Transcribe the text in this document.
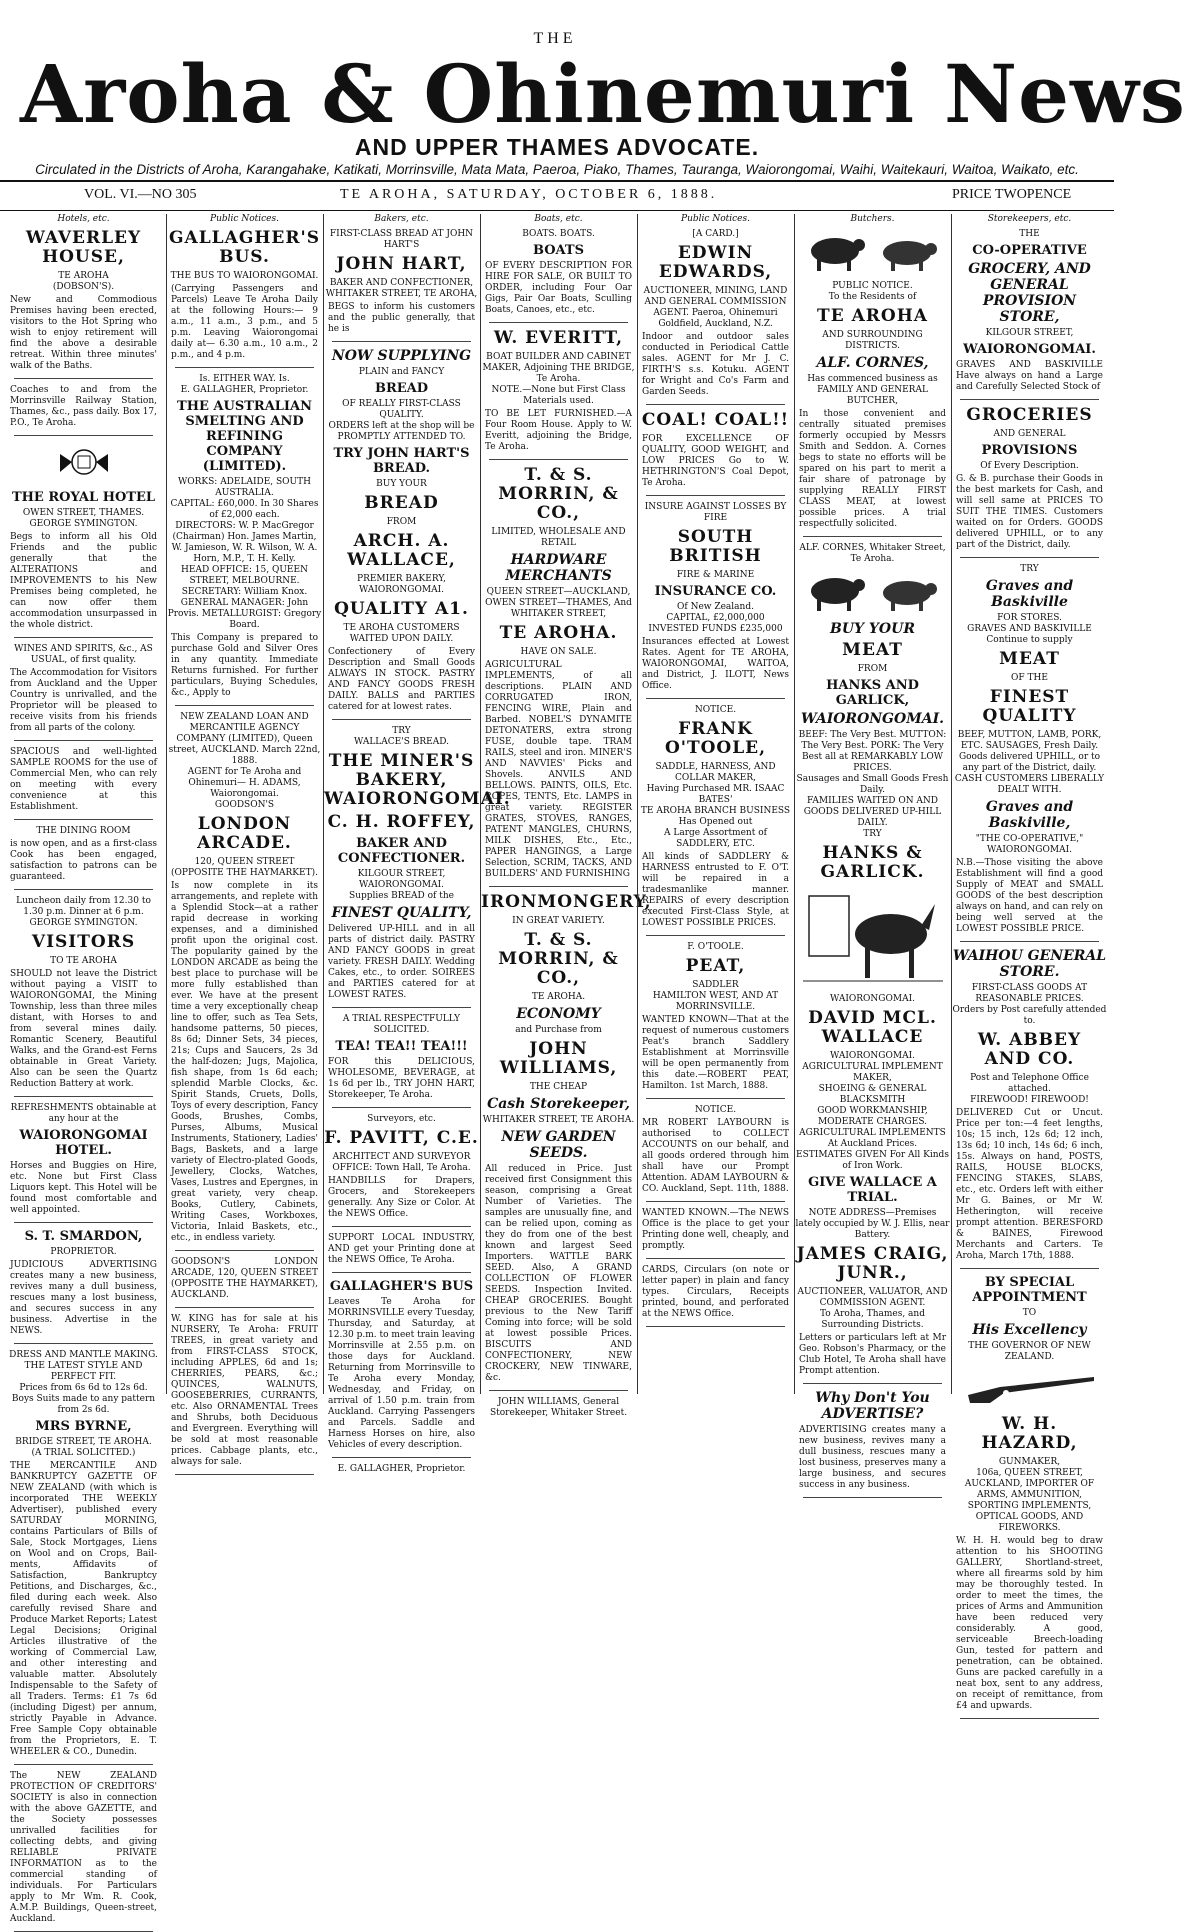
THE
Aroha & Ohinemuri News
AND UPPER THAMES ADVOCATE.
Circulated in the Districts of Aroha, Karangahake, Katikati, Morrinsville, Mata Mata, Paeroa, Piako, Thames, Tauranga, Waiorongomai, Waihi, Waitekauri, Waitoa, Waikato, etc.
VOL. VI.—NO 305	TE AROHA, SATURDAY, OCTOBER 6, 1888.	PRICE TWOPENCE
Hotels, etc.
WAVERLEY HOUSE,
TE AROHA
(DOBSON'S).
New and Commodious Premises having been erected, visitors to the Hot Spring who wish to enjoy retirement will find the above a desirable retreat. Within three minutes' walk of the Baths.
Coaches to and from the Morrinsville Railway Station, Thames, &c., pass daily. Box 17, P.O., Te Aroha.
THE ROYAL HOTEL
OWEN STREET, THAMES.
GEORGE SYMINGTON.
Begs to inform all his Old Friends and the public generally that the ALTERATIONS and IMPROVEMENTS to his New Premises being completed, he can now offer them accommodation unsurpassed in the whole district.
WINES AND SPIRITS, &c., AS USUAL, of first quality.
The Accommodation for Visitors from Auckland and the Upper Country is unrivalled, and the Proprietor will be pleased to receive visits from his friends from all parts of the colony.
SPACIOUS and well-lighted SAMPLE ROOMS for the use of Commercial Men, who can rely on meeting with every convenience at this Establishment.
THE DINING ROOM
is now open, and as a first-class Cook has been engaged, satisfaction to patrons can be guaranteed.
Luncheon daily from 12.30 to 1.30 p.m. Dinner at 6 p.m.
GEORGE SYMINGTON.
VISITORS
TO TE AROHA
SHOULD not leave the District without paying a VISIT to WAIORONGOMAI, the Mining Township, less than three miles distant, with Horses to and from several mines daily. Romantic Scenery, Beautiful Walks, and the Grand-est Ferns obtainable in Great Variety. Also can be seen the Quartz Reduction Battery at work.
REFRESHMENTS obtainable at any hour at the
WAIORONGOMAI HOTEL.
Horses and Buggies on Hire, etc. None but First Class Liquors kept. This Hotel will be found most comfortable and well appointed.
S. T. SMARDON,
PROPRIETOR.
JUDICIOUS ADVERTISING creates many a new business, revives many a dull business, rescues many a lost business, and secures success in any business. Advertise in the NEWS.
DRESS AND MANTLE MAKING.
THE LATEST STYLE AND PERFECT FIT.
Prices from 6s 6d to 12s 6d.
Boys Suits made to any pattern from 2s 6d.
MRS BYRNE,
BRIDGE STREET, TE AROHA.
(A TRIAL SOLICITED.)
THE MERCANTILE AND BANKRUPTCY GAZETTE OF NEW ZEALAND (with which is incorporated THE WEEKLY Advertiser), published every SATURDAY MORNING, contains Particulars of Bills of Sale, Stock Mortgages, Liens on Wool and on Crops, Bail-ments, Affidavits of Satisfaction, Bankruptcy Petitions, and Discharges, &c., filed during each week. Also carefully revised Share and Produce Market Reports; Latest Legal Decisions; Original Articles illustrative of the working of Commercial Law, and other interesting and valuable matter. Absolutely Indispensable to the Safety of all Traders. Terms: £1 7s 6d (including Digest) per annum, strictly Payable in Advance. Free Sample Copy obtainable from the Proprietors, E. T. WHEELER & CO., Dunedin.
The NEW ZEALAND PROTECTION OF CREDITORS' SOCIETY is also in connection with the above GAZETTE, and the Society possesses unrivalled facilities for collecting debts, and giving RELIABLE PRIVATE INFORMATION as to the commercial standing of individuals. For Particulars apply to Mr Wm. R. Cook, A.M.P. Buildings, Queen-street, Auckland.
Public Notices.
GALLAGHER'S BUS.
THE BUS TO WAIORONGOMAI.
(Carrying Passengers and Parcels) Leave Te Aroha Daily at the following Hours:— 9 a.m., 11 a.m., 3 p.m., and 5 p.m. Leaving Waiorongomai daily at— 6.30 a.m., 10 a.m., 2 p.m., and 4 p.m.
Is. EITHER WAY. Is.
E. GALLAGHER, Proprietor.
THE AUSTRALIAN SMELTING AND REFINING COMPANY (LIMITED).
WORKS: ADELAIDE, SOUTH AUSTRALIA.
CAPITAL: £60,000. In 30 Shares of £2,000 each.
DIRECTORS: W. P. MacGregor (Chairman) Hon. James Martin, W. Jamieson, W. R. Wilson, W. A. Horn, M.P., T. H. Kelly.
HEAD OFFICE: 15, QUEEN STREET, MELBOURNE.
SECRETARY: William Knox.
GENERAL MANAGER: John Provis. METALLURGIST: Gregory Board.
This Company is prepared to purchase Gold and Silver Ores in any quantity. Immediate Returns furnished. For further particulars, Buying Schedules, &c., Apply to
NEW ZEALAND LOAN AND MERCANTILE AGENCY COMPANY (LIMITED), Queen street, AUCKLAND. March 22nd, 1888.
AGENT for Te Aroha and Ohinemuri— H. ADAMS, Waiorongomai.
GOODSON'S
LONDON ARCADE.
120, QUEEN STREET (OPPOSITE THE HAYMARKET).
Is now complete in its arrangements, and replete with a Splendid Stock—at a rather rapid decrease in working expenses, and a diminished profit upon the original cost. The popularity gained by the LONDON ARCADE as being the best place to purchase will be more fully established than ever. We have at the present time a very exceptionally cheap line to offer, such as Tea Sets, handsome patterns, 50 pieces, 8s 6d; Dinner Sets, 34 pieces, 21s; Cups and Saucers, 2s 3d the half-dozen; Jugs, Majolica, fish shape, from 1s 6d each; splendid Marble Clocks, &c. Spirit Stands, Cruets, Dolls, Toys of every description, Fancy Goods, Brushes, Combs, Purses, Albums, Musical Instruments, Stationery, Ladies' Bags, Baskets, and a large variety of Electro-plated Goods, Jewellery, Clocks, Watches, Vases, Lustres and Epergnes, in great variety, very cheap. Books, Cutlery, Cabinets, Writing Cases, Workboxes, Victoria, Inlaid Baskets, etc., etc., in endless variety.
GOODSON'S LONDON ARCADE, 120, QUEEN STREET (OPPOSITE THE HAYMARKET), AUCKLAND.
W. KING has for sale at his NURSERY, Te Aroha: FRUIT TREES, in great variety and from FIRST-CLASS STOCK, including APPLES, 6d and 1s; CHERRIES, PEARS, &c.; QUINCES, WALNUTS, GOOSEBERRIES, CURRANTS, etc. Also ORNAMENTAL Trees and Shrubs, both Deciduous and Evergreen. Everything will be sold at most reasonable prices. Cabbage plants, etc., always for sale.
Bakers, etc.
FIRST-CLASS BREAD AT JOHN HART'S
JOHN HART,
BAKER AND CONFECTIONER, WHITAKER STREET, TE AROHA,
BEGS to inform his customers and the public generally, that he is
NOW SUPPLYING
PLAIN and FANCY
BREAD
OF REALLY FIRST-CLASS QUALITY.
ORDERS left at the shop will be PROMPTLY ATTENDED TO.
TRY JOHN HART'S BREAD.
BUY YOUR
BREAD
FROM
ARCH. A. WALLACE,
PREMIER BAKERY, WAIORONGOMAI.
QUALITY A1.
TE AROHA CUSTOMERS WAITED UPON DAILY.
Confectionery of Every Description and Small Goods ALWAYS IN STOCK. PASTRY AND FANCY GOODS FRESH DAILY. BALLS and PARTIES catered for at lowest rates.
TRY
WALLACE'S BREAD.
THE MINER'S BAKERY, WAIORONGOMAI.
C. H. ROFFEY,
BAKER AND CONFECTIONER.
KILGOUR STREET, WAIORONGOMAI.
Supplies BREAD of the
FINEST QUALITY,
Delivered UP-HILL and in all parts of district daily. PASTRY AND FANCY GOODS in great variety. FRESH DAILY. Wedding Cakes, etc., to order. SOIREES and PARTIES catered for at LOWEST RATES.
A TRIAL RESPECTFULLY SOLICITED.
TEA! TEA!! TEA!!!
FOR this DELICIOUS, WHOLESOME, BEVERAGE, at 1s 6d per lb., TRY JOHN HART, Storekeeper, Te Aroha.
Surveyors, etc.
F. PAVITT, C.E.
ARCHITECT AND SURVEYOR
OFFICE: Town Hall, Te Aroha.
HANDBILLS for Drapers, Grocers, and Storekeepers generally. Any Size or Color. At the NEWS Office.
SUPPORT LOCAL INDUSTRY, AND get your Printing done at the NEWS Office, Te Aroha.
GALLAGHER'S BUS
Leaves Te Aroha for MORRINSVILLE every Tuesday, Thursday, and Saturday, at 12.30 p.m. to meet train leaving Morrinsville at 2.55 p.m. on those days for Auckland. Returning from Morrinsville to Te Aroha every Monday, Wednesday, and Friday, on arrival of 1.50 p.m. train from Auckland. Carrying Passengers and Parcels. Saddle and Harness Horses on hire, also Vehicles of every description.
E. GALLAGHER, Proprietor.
Boats, etc.
BOATS. BOATS.
BOATS
OF EVERY DESCRIPTION FOR HIRE FOR SALE, OR BUILT TO ORDER, including Four Oar Gigs, Pair Oar Boats, Sculling Boats, Canoes, etc., etc.
W. EVERITT,
BOAT BUILDER AND CABINET MAKER, Adjoining THE BRIDGE, Te Aroha.
NOTE.—None but First Class Materials used.
TO BE LET FURNISHED.—A Four Room House. Apply to W. Everitt, adjoining the Bridge, Te Aroha.
T. & S. MORRIN, & CO.,
LIMITED, WHOLESALE AND RETAIL
HARDWARE MERCHANTS
QUEEN STREET—AUCKLAND, OWEN STREET—THAMES, And WHITAKER STREET,
TE AROHA.
HAVE ON SALE.
AGRICULTURAL IMPLEMENTS, of all descriptions. PLAIN AND CORRUGATED IRON, FENCING WIRE, Plain and Barbed. NOBEL'S DYNAMITE DETONATERS, extra strong FUSE, double tape. TRAM RAILS, steel and iron. MINER'S AND NAVVIES' Picks and Shovels. ANVILS AND BELLOWS. PAINTS, OILS, Etc. ROPES, TENTS, Etc. LAMPS in great variety. REGISTER GRATES, STOVES, RANGES, PATENT MANGLES, CHURNS, MILK DISHES, Etc., Etc., PAPER HANGINGS, a Large Selection, SCRIM, TACKS, AND BUILDERS' AND FURNISHING
IRONMONGERY,
IN GREAT VARIETY.
T. & S. MORRIN, & CO.,
TE AROHA.
ECONOMY
and Purchase from
JOHN WILLIAMS,
THE CHEAP
Cash Storekeeper,
WHITAKER STREET, TE AROHA.
NEW GARDEN SEEDS.
All reduced in Price. Just received first Consignment this season, comprising a Great Number of Varieties. The samples are unusually fine, and can be relied upon, coming as they do from one of the best known and largest Seed Importers. WATTLE BARK SEED. Also, A GRAND COLLECTION OF FLOWER SEEDS. Inspection Invited. CHEAP GROCERIES. Bought previous to the New Tariff Coming into force; will be sold at lowest possible Prices. BISCUITS AND CONFECTIONERY, NEW CROCKERY, NEW TINWARE, &c.
JOHN WILLIAMS, General Storekeeper, Whitaker Street.
Public Notices.
[A CARD.]
EDWIN EDWARDS,
AUCTIONEER, MINING, LAND AND GENERAL COMMISSION AGENT. Paeroa, Ohinemuri Goldfield, Auckland, N.Z.
Indoor and outdoor sales conducted in Periodical Cattle sales. AGENT for Mr J. C. FIRTH'S s.s. Kotuku. AGENT for Wright and Co's Farm and Garden Seeds.
COAL! COAL!!
FOR EXCELLENCE OF QUALITY, GOOD WEIGHT, and LOW PRICES Go to W. HETHRINGTON'S Coal Depot, Te Aroha.
INSURE AGAINST LOSSES BY FIRE
SOUTH BRITISH
FIRE & MARINE
INSURANCE CO.
Of New Zealand.
CAPITAL, £2,000,000
INVESTED FUNDS £235,000
Insurances effected at Lowest Rates. Agent for TE AROHA, WAIORONGOMAI, WAITOA, and District, J. ILOTT, News Office.
NOTICE.
FRANK O'TOOLE,
SADDLE, HARNESS, AND COLLAR MAKER,
Having Purchased MR. ISAAC BATES'
TE AROHA BRANCH BUSINESS Has Opened out
A Large Assortment of SADDLERY, ETC.
All kinds of SADDLERY & HARNESS entrusted to F. O'T. will be repaired in a tradesmanlike manner. REPAIRS of every description executed First-Class Style, at LOWEST POSSIBLE PRICES.
F. O'TOOLE.
PEAT,
SADDLER
HAMILTON WEST, AND AT MORRINSVILLE.
WANTED KNOWN—That at the request of numerous customers Peat's branch Saddlery Establishment at Morrinsville will be open permanently from this date.—ROBERT PEAT, Hamilton. 1st March, 1888.
NOTICE.
MR ROBERT LAYBOURN is authorised to COLLECT ACCOUNTS on our behalf, and all goods ordered through him shall have our Prompt Attention. ADAM LAYBOURN & CO. Auckland, Sept. 11th, 1888.
WANTED KNOWN.—The NEWS Office is the place to get your Printing done well, cheaply, and promptly.
CARDS, Circulars (on note or letter paper) in plain and fancy types. Circulars, Receipts printed, bound, and perforated at the NEWS Office.
Butchers.
PUBLIC NOTICE.
To the Residents of
TE AROHA
AND SURROUNDING DISTRICTS.
ALF. CORNES,
Has commenced business as FAMILY AND GENERAL BUTCHER,
In those convenient and centrally situated premises formerly occupied by Messrs Smith and Seddon. A. Cornes begs to state no efforts will be spared on his part to merit a fair share of patronage by supplying REALLY FIRST CLASS MEAT, at lowest possible prices. A trial respectfully solicited.
ALF. CORNES, Whitaker Street, Te Aroha.
BUY YOUR
MEAT
FROM
HANKS AND GARLICK,
WAIORONGOMAI.
BEEF: The Very Best. MUTTON: The Very Best. PORK: The Very Best all at REMARKABLY LOW PRICES.
Sausages and Small Goods Fresh Daily.
FAMILIES WAITED ON AND GOODS DELIVERED UP-HILL DAILY.
TRY
HANKS & GARLICK.
WAIORONGOMAI.
DAVID MCL. WALLACE
WAIORONGOMAI. AGRICULTURAL IMPLEMENT MAKER,
SHOEING & GENERAL BLACKSMITH
GOOD WORKMANSHIP, MODERATE CHARGES.
AGRICULTURAL IMPLEMENTS At Auckland Prices.
ESTIMATES GIVEN For All Kinds of Iron Work.
GIVE WALLACE A TRIAL.
NOTE ADDRESS—Premises lately occupied by W. J. Ellis, near Battery.
JAMES CRAIG, JUNR.,
AUCTIONEER, VALUATOR, AND COMMISSION AGENT.
To Aroha, Thames, and Surrounding Districts.
Letters or particulars left at Mr Geo. Robson's Pharmacy, or the Club Hotel, Te Aroha shall have Prompt attention.
Why Don't You ADVERTISE?
ADVERTISING creates many a new business, revives many a dull business, rescues many a lost business, preserves many a large business, and secures success in any business.
Storekeepers, etc.
THE
CO-OPERATIVE
GROCERY, AND GENERAL PROVISION STORE,
KILGOUR STREET,
WAIORONGOMAI.
GRAVES AND BASKIVILLE Have always on hand a Large and Carefully Selected Stock of
GROCERIES
AND GENERAL
PROVISIONS
Of Every Description.
G. & B. purchase their Goods in the best markets for Cash, and will sell same at PRICES TO SUIT THE TIMES. Customers waited on for Orders. GOODS delivered UPHILL, or to any part of the District, daily.
TRY
Graves and Baskiville
FOR STORES.
GRAVES AND BASKIVILLE
Continue to supply
MEAT
OF THE
FINEST QUALITY
BEEF, MUTTON, LAMB, PORK, ETC. SAUSAGES, Fresh Daily.
Goods delivered UPHILL, or to any part of the District, daily.
CASH CUSTOMERS LIBERALLY DEALT WITH.
Graves and Baskiville,
"THE CO-OPERATIVE," WAIORONGOMAI.
N.B.—Those visiting the above Establishment will find a good Supply of MEAT and SMALL GOODS of the best description always on hand, and can rely on being well served at the LOWEST POSSIBLE PRICE.
WAIHOU GENERAL STORE.
FIRST-CLASS GOODS AT REASONABLE PRICES.
Orders by Post carefully attended to.
W. ABBEY AND CO.
Post and Telephone Office attached.
FIREWOOD! FIREWOOD!
DELIVERED Cut or Uncut. Price per ton:—4 feet lengths, 10s; 15 inch, 12s 6d; 12 inch, 13s 6d; 10 inch, 14s 6d; 6 inch, 15s. Always on hand, POSTS, RAILS, HOUSE BLOCKS, FENCING STAKES, SLABS, etc., etc. Orders left with either Mr G. Baines, or Mr W. Hetherington, will receive prompt attention. BERESFORD & BAINES, Firewood Merchants and Carters. Te Aroha, March 17th, 1888.
BY SPECIAL APPOINTMENT
TO
His Excellency
THE GOVERNOR OF NEW ZEALAND.
W. H. HAZARD,
GUNMAKER,
106a, QUEEN STREET, AUCKLAND, IMPORTER OF ARMS, AMMUNITION, SPORTING IMPLEMENTS, OPTICAL GOODS, AND FIREWORKS.
W. H. H. would beg to draw attention to his SHOOTING GALLERY, Shortland-street, where all firearms sold by him may be thoroughly tested. In order to meet the times, the prices of Arms and Ammunition have been reduced very considerably. A good, serviceable Breech-loading Gun, tested for pattern and penetration, can be obtained. Guns are packed carefully in a neat box, sent to any address, on receipt of remittance, from £4 and upwards.
